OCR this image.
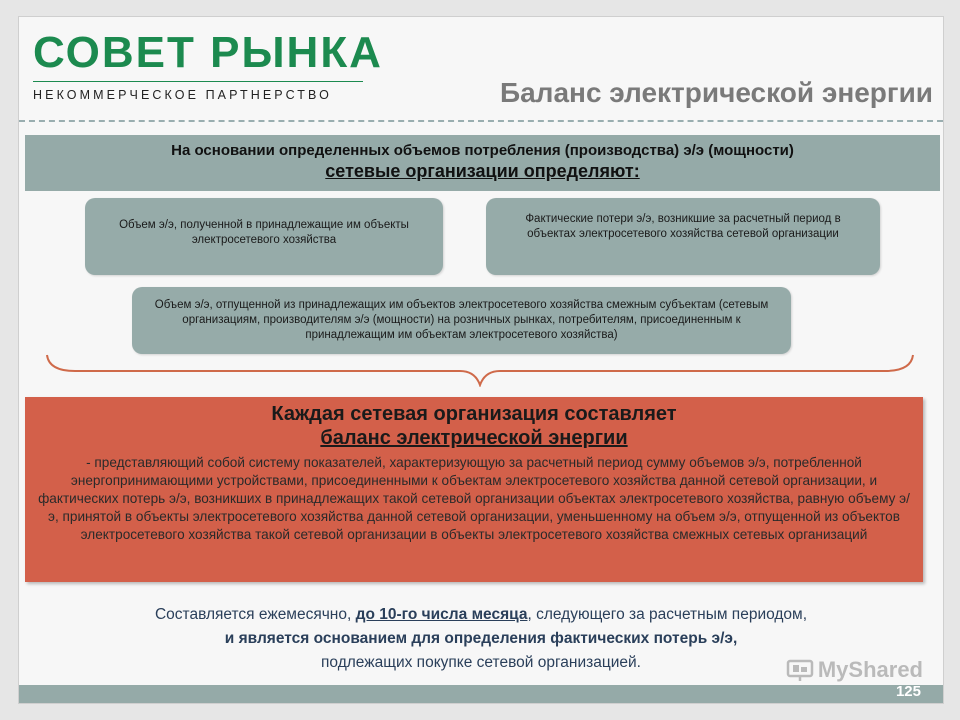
СОВЕТ РЫНКА
НЕКОММЕРЧЕСКОЕ ПАРТНЕРСТВО	Баланс электрической энергии
На основании определенных объемов потребления (производства) э/э (мощности)
сетевые организации определяют:
Объем э/э, полученной в принадлежащие им объекты электросетевого хозяйства
Фактические потери э/э, возникшие за расчетный период в объектах электросетевого хозяйства сетевой организации
Объем э/э, отпущенной из принадлежащих им объектов электросетевого хозяйства смежным субъектам (сетевым организациям, производителям э/э (мощности) на розничных рынках, потребителям, присоединенным к принадлежащим им объектам электросетевого хозяйства)
Каждая сетевая организация составляет
баланс электрической энергии
- представляющий собой систему показателей, характеризующую за расчетный период сумму объемов э/э, потребленной энергопринимающими устройствами, присоединенными к объектам электросетевого хозяйства данной сетевой организации, и фактических потерь э/э, возникших в принадлежащих такой сетевой организации объектах электросетевого хозяйства, равную объему э/э, принятой в объекты электросетевого хозяйства данной сетевой организации, уменьшенному на объем э/э, отпущенной из объектов электросетевого хозяйства такой сетевой организации в объекты электросетевого хозяйства смежных сетевых организаций
Составляется ежемесячно, до 10-го числа месяца, следующего за расчетным периодом,
и является основанием для определения фактических потерь э/э,
подлежащих покупке сетевой организацией.	MyShared
125
